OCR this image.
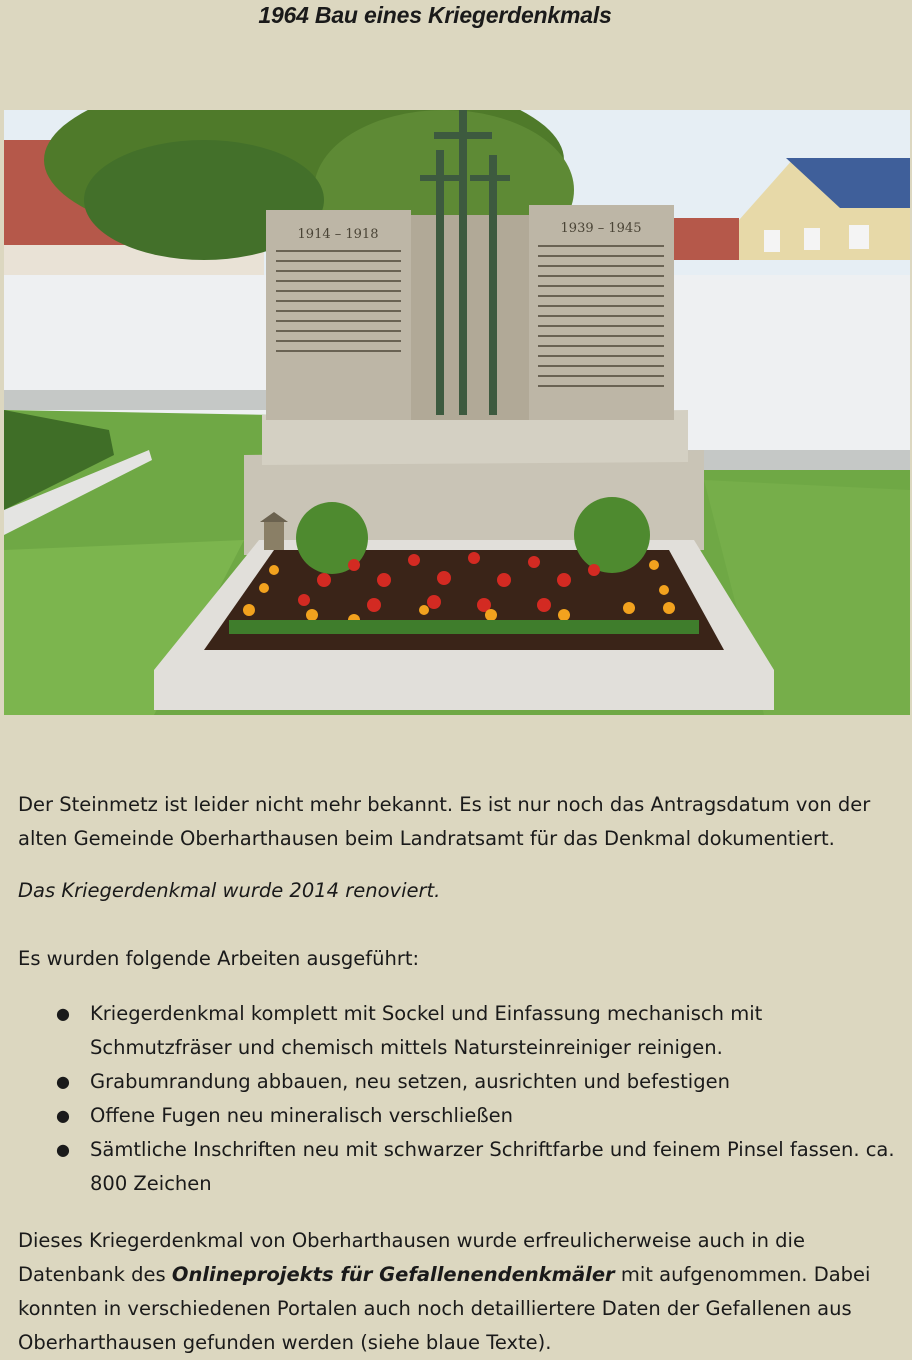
1964 Bau eines Kriegerdenkmals
1914 – 1918	1939 – 1945
Der Steinmetz ist leider nicht mehr bekannt. Es ist nur noch das Antragsdatum von der alten Gemeinde Oberharthausen beim Landratsamt für das Denkmal dokumentiert.
Das Kriegerdenkmal wurde 2014 renoviert.
Es wurden folgende Arbeiten ausgeführt:
● Kriegerdenkmal komplett mit Sockel und Einfassung mechanisch mit Schmutzfräser und chemisch mittels Natursteinreiniger reinigen.
● Grabumrandung abbauen, neu setzen, ausrichten und befestigen
● Offene Fugen neu mineralisch verschließen
● Sämtliche Inschriften neu mit schwarzer Schriftfarbe und feinem Pinsel fassen. ca. 800 Zeichen
Dieses Kriegerdenkmal von Oberharthausen wurde erfreulicherweise auch in die Datenbank des Onlineprojekts für Gefallenendenkmäler mit aufgenommen. Dabei konnten in verschiedenen Portalen auch noch detailliertere Daten der Gefallenen aus Oberharthausen gefunden werden (siehe blaue Texte).
